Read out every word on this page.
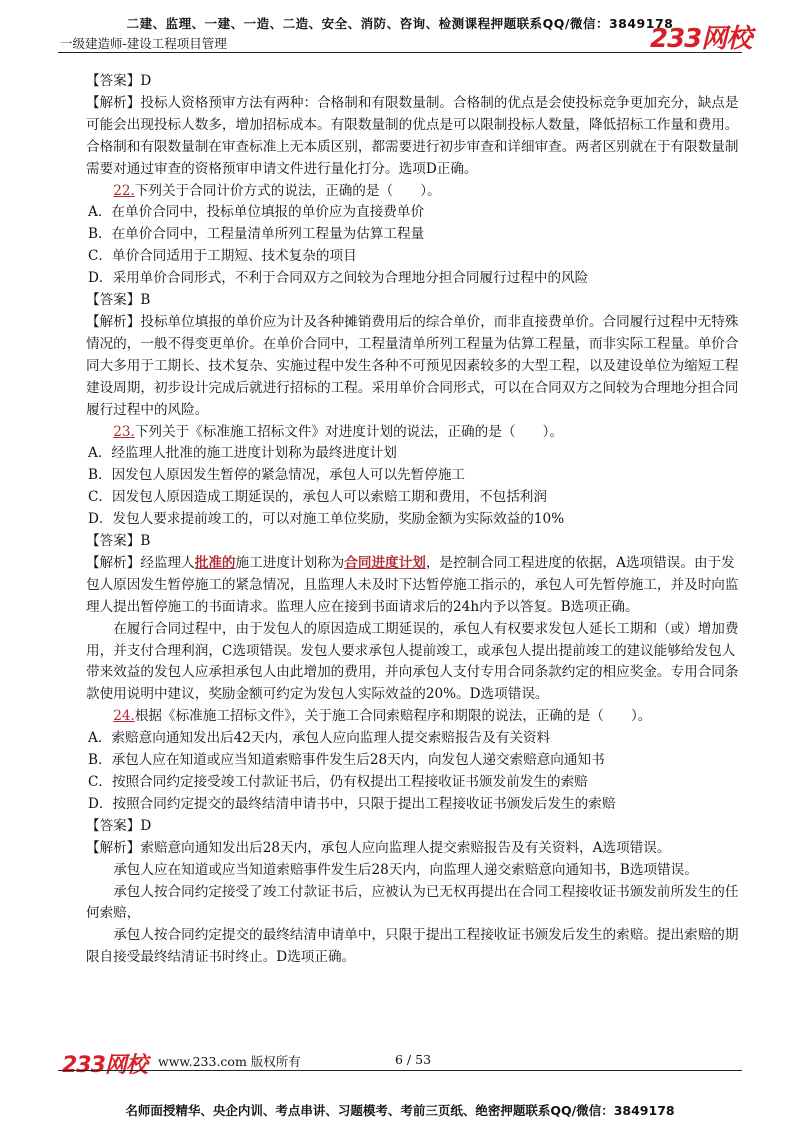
二建、监理、一建、一造、二造、安全、消防、咨询、检测课程押题联系QQ/微信：3849178
一级建造师-建设工程项目管理	233网校

【答案】D

【解析】投标人资格预审方法有两种：合格制和有限数量制。合格制的优点是会使投标竞争更加充分，缺点是可能会出现投标人数多，增加招标成本。有限数量制的优点是可以限制投标人数量，降低招标工作量和费用。合格制和有限数量制在审查标准上无本质区别，都需要进行初步审查和详细审查。两者区别就在于有限数量制需要对通过审查的资格预审申请文件进行量化打分。选项D正确。

22.下列关于合同计价方式的说法，正确的是（　　）。

A．在单价合同中，投标单位填报的单价应为直接费单价

B．在单价合同中，工程量清单所列工程量为估算工程量

C．单价合同适用于工期短、技术复杂的项目

D．采用单价合同形式，不利于合同双方之间较为合理地分担合同履行过程中的风险

【答案】B

【解析】投标单位填报的单价应为计及各种摊销费用后的综合单价，而非直接费单价。合同履行过程中无特殊情况的，一般不得变更单价。在单价合同中，工程量清单所列工程量为估算工程量，而非实际工程量。单价合同大多用于工期长、技术复杂、实施过程中发生各种不可预见因素较多的大型工程，以及建设单位为缩短工程建设周期，初步设计完成后就进行招标的工程。采用单价合同形式，可以在合同双方之间较为合理地分担合同履行过程中的风险。

23.下列关于《标准施工招标文件》对进度计划的说法，正确的是（　　）。

A．经监理人批准的施工进度计划称为最终进度计划

B．因发包人原因发生暂停的紧急情况，承包人可以先暂停施工

C．因发包人原因造成工期延误的，承包人可以索赔工期和费用，不包括利润

D．发包人要求提前竣工的，可以对施工单位奖励，奖励金额为实际效益的10%

【答案】B

【解析】经监理人批准的施工进度计划称为合同进度计划，是控制合同工程进度的依据，A选项错误。由于发包人原因发生暂停施工的紧急情况，且监理人未及时下达暂停施工指示的，承包人可先暂停施工，并及时向监理人提出暂停施工的书面请求。监理人应在接到书面请求后的24h内予以答复。B选项正确。

在履行合同过程中，由于发包人的原因造成工期延误的，承包人有权要求发包人延长工期和（或）增加费用，并支付合理利润，C选项错误。发包人要求承包人提前竣工，或承包人提出提前竣工的建议能够给发包人带来效益的发包人应承担承包人由此增加的费用，并向承包人支付专用合同条款约定的相应奖金。专用合同条款使用说明中建议，奖励金额可约定为发包人实际效益的20%。D选项错误。

24.根据《标准施工招标文件》，关于施工合同索赔程序和期限的说法，正确的是（　　）。

A．索赔意向通知发出后42天内，承包人应向监理人提交索赔报告及有关资料

B．承包人应在知道或应当知道索赔事件发生后28天内，向发包人递交索赔意向通知书

C．按照合同约定接受竣工付款证书后，仍有权提出工程接收证书颁发前发生的索赔

D．按照合同约定提交的最终结清申请书中，只限于提出工程接收证书颁发后发生的索赔

【答案】D

【解析】索赔意向通知发出后28天内，承包人应向监理人提交索赔报告及有关资料，A选项错误。

承包人应在知道或应当知道索赔事件发生后28天内，向监理人递交索赔意向通知书，B选项错误。

承包人按合同约定接受了竣工付款证书后，应被认为已无权再提出在合同工程接收证书颁发前所发生的任何索赔，

承包人按合同约定提交的最终结清申请单中，只限于提出工程接收证书颁发后发生的索赔。提出索赔的期限自接受最终结清证书时终止。D选项正确。

233网校 www.233.com 版权所有	6 / 53
名师面授精华、央企内训、考点串讲、习题模考、考前三页纸、绝密押题联系QQ/微信：3849178
